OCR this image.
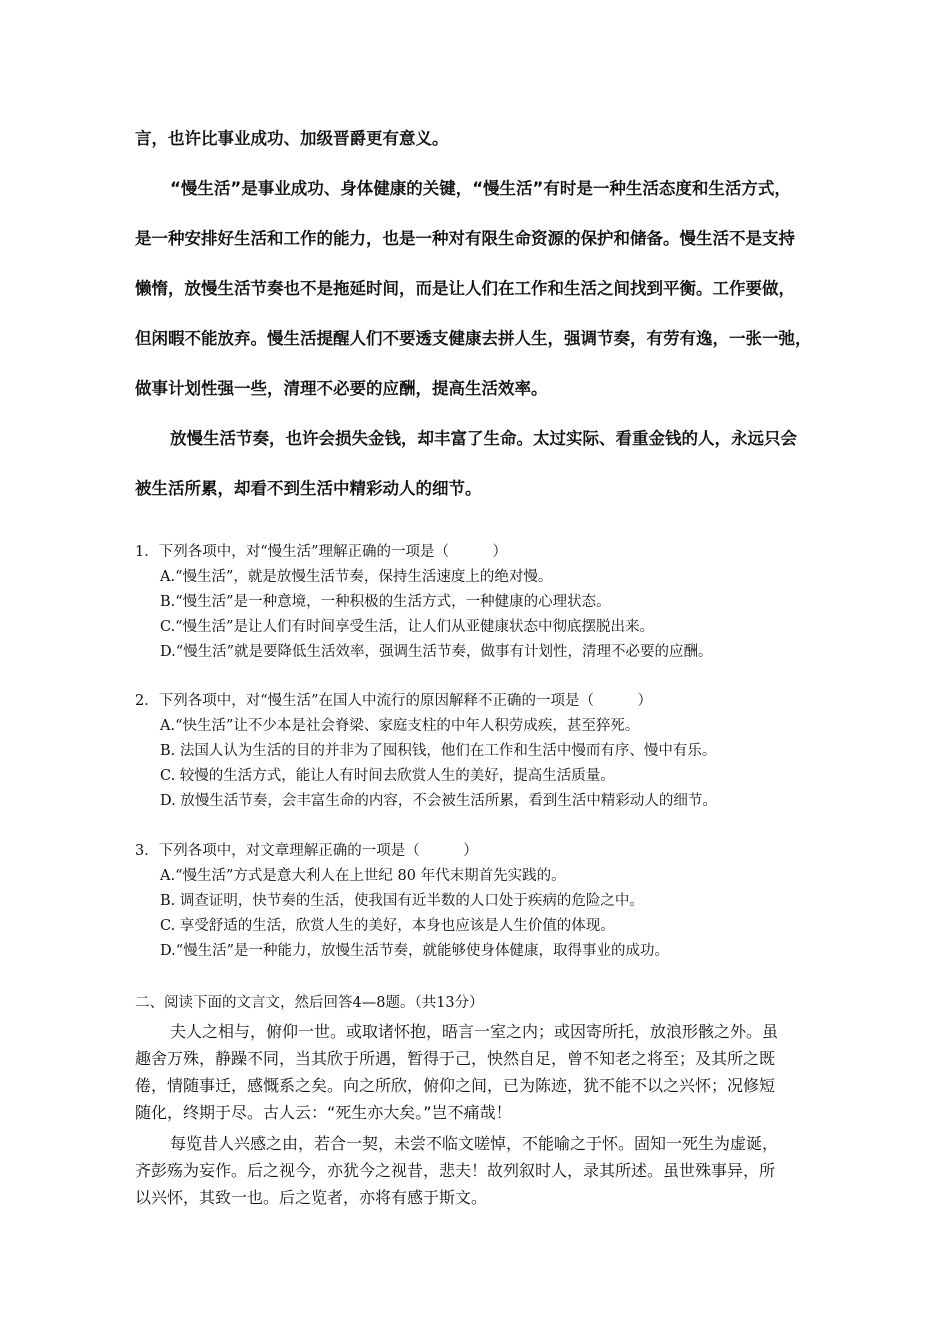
言，也许比事业成功、加级晋爵更有意义。
“慢生活”是事业成功、身体健康的关键，“慢生活”有时是一种生活态度和生活方式，
是一种安排好生活和工作的能力，也是一种对有限生命资源的保护和储备。慢生活不是支持
懒惰，放慢生活节奏也不是拖延时间，而是让人们在工作和生活之间找到平衡。工作要做，
但闲暇不能放弃。慢生活提醒人们不要透支健康去拼人生，强调节奏，有劳有逸，一张一弛，
做事计划性强一些，清理不必要的应酬，提高生活效率。
放慢生活节奏，也许会损失金钱，却丰富了生命。太过实际、看重金钱的人，永远只会
被生活所累，却看不到生活中精彩动人的细节。
1．下列各项中，对“慢生活”理解正确的一项是（　　　）
A.“慢生活”，就是放慢生活节奏，保持生活速度上的绝对慢。
B.“慢生活”是一种意境，一种积极的生活方式，一种健康的心理状态。
C.“慢生活”是让人们有时间享受生活，让人们从亚健康状态中彻底摆脱出来。
D.“慢生活”就是要降低生活效率，强调生活节奏，做事有计划性，清理不必要的应酬。
2．下列各项中，对“慢生活”在国人中流行的原因解释不正确的一项是（　　　）
A.“快生活”让不少本是社会脊梁、家庭支柱的中年人积劳成疾，甚至猝死。
B. 法国人认为生活的目的并非为了囤积钱，他们在工作和生活中慢而有序、慢中有乐。
C. 较慢的生活方式，能让人有时间去欣赏人生的美好，提高生活质量。
D. 放慢生活节奏，会丰富生命的内容，不会被生活所累，看到生活中精彩动人的细节。
3．下列各项中，对文章理解正确的一项是（　　　）
A.“慢生活”方式是意大利人在上世纪 80 年代末期首先实践的。
B. 调查证明，快节奏的生活，使我国有近半数的人口处于疾病的危险之中。
C. 享受舒适的生活，欣赏人生的美好，本身也应该是人生价值的体现。
D.“慢生活”是一种能力，放慢生活节奏，就能够使身体健康，取得事业的成功。
二、阅读下面的文言文，然后回答4—8题。（共13分）
夫人之相与，俯仰一世。或取诸怀抱，晤言一室之内；或因寄所托，放浪形骸之外。虽
趣舍万殊，静躁不同，当其欣于所遇，暂得于己，怏然自足，曾不知老之将至；及其所之既
倦，情随事迁，感慨系之矣。向之所欣，俯仰之间，已为陈迹，犹不能不以之兴怀；况修短
随化，终期于尽。古人云：“死生亦大矣。”岂不痛哉！
每览昔人兴感之由，若合一契，未尝不临文嗟悼，不能喻之于怀。固知一死生为虚诞，
齐彭殇为妄作。后之视今，亦犹今之视昔，悲夫！故列叙时人，录其所述。虽世殊事异，所
以兴怀，其致一也。后之览者，亦将有感于斯文。
